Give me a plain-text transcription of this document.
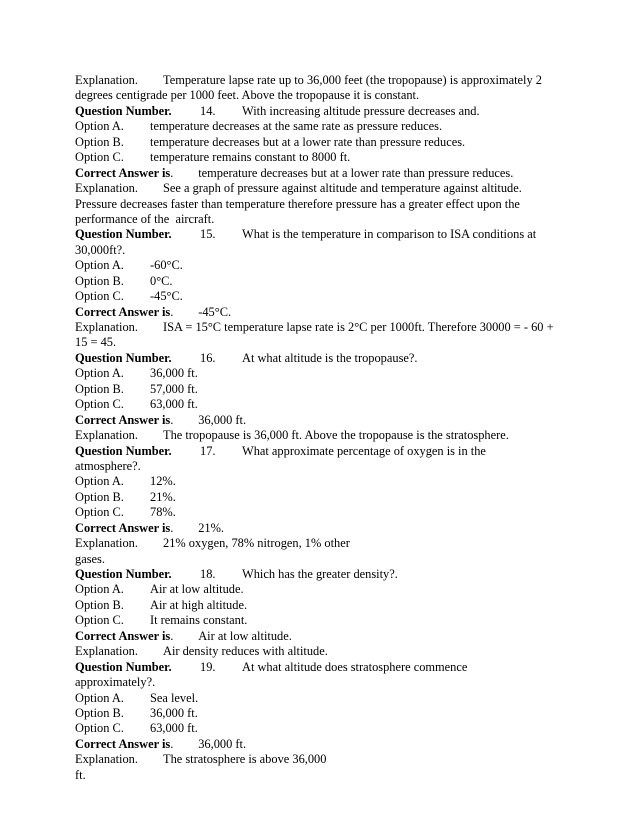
Explanation. Temperature lapse rate up to 36,000 feet (the tropopause) is approximately 2
degrees centigrade per 1000 feet. Above the tropopause it is constant.
Question Number. 14. With increasing altitude pressure decreases and.
Option A. temperature decreases at the same rate as pressure reduces.
Option B. temperature decreases but at a lower rate than pressure reduces.
Option C. temperature remains constant to 8000 ft.
Correct Answer is. temperature decreases but at a lower rate than pressure reduces.
Explanation. See a graph of pressure against altitude and temperature against altitude.
Pressure decreases faster than temperature therefore pressure has a greater effect upon the
performance of the  aircraft.
Question Number. 15. What is the temperature in comparison to ISA conditions at
30,000ft?.
Option A. -60°C.
Option B. 0°C.
Option C. -45°C.
Correct Answer is. -45°C.
Explanation. ISA = 15°C temperature lapse rate is 2°C per 1000ft. Therefore 30000 = - 60 +
15 = 45.
Question Number. 16. At what altitude is the tropopause?.
Option A. 36,000 ft.
Option B. 57,000 ft.
Option C. 63,000 ft.
Correct Answer is. 36,000 ft.
Explanation. The tropopause is 36,000 ft. Above the tropopause is the stratosphere.
Question Number. 17. What approximate percentage of oxygen is in the
atmosphere?.
Option A. 12%.
Option B. 21%.
Option C. 78%.
Correct Answer is. 21%.
Explanation. 21% oxygen, 78% nitrogen, 1% other
gases.
Question Number. 18. Which has the greater density?.
Option A. Air at low altitude.
Option B. Air at high altitude.
Option C. It remains constant.
Correct Answer is. Air at low altitude.
Explanation. Air density reduces with altitude.
Question Number. 19. At what altitude does stratosphere commence
approximately?.
Option A. Sea level.
Option B. 36,000 ft.
Option C. 63,000 ft.
Correct Answer is. 36,000 ft.
Explanation. The stratosphere is above 36,000
ft.
